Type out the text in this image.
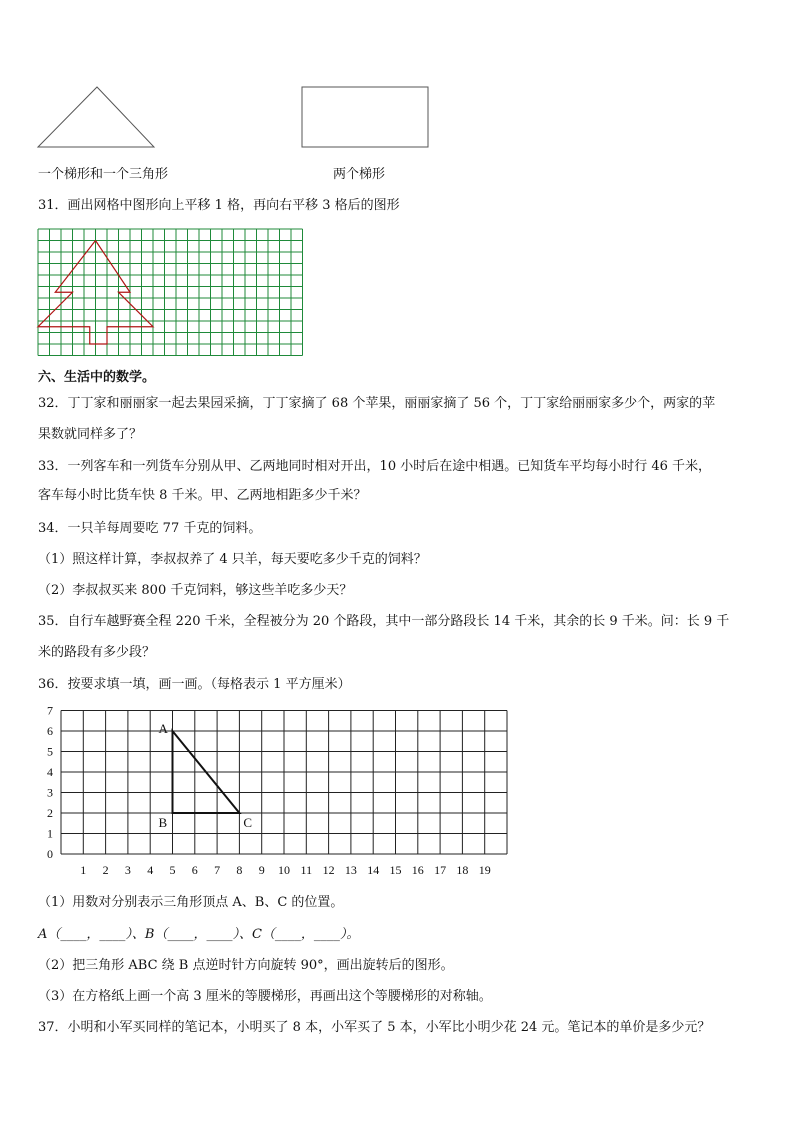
一个梯形和一个三角形	两个梯形
31．画出网格中图形向上平移 1 格，再向右平移 3 格后的图形
六、生活中的数学。
32．丁丁家和丽丽家一起去果园采摘，丁丁家摘了 68 个苹果，丽丽家摘了 56 个，丁丁家给丽丽家多少个，两家的苹
果数就同样多了？
33．一列客车和一列货车分别从甲、乙两地同时相对开出，10 小时后在途中相遇。已知货车平均每小时行 46 千米，
客车每小时比货车快 8 千米。甲、乙两地相距多少千米？
34．一只羊每周要吃 77 千克的饲料。
（1）照这样计算，李叔叔养了 4 只羊，每天要吃多少千克的饲料？
（2）李叔叔买来 800 千克饲料，够这些羊吃多少天？
35．自行车越野赛全程 220 千米，全程被分为 20 个路段，其中一部分路段长 14 千米，其余的长 9 千米。问：长 9 千
米的路段有多少段？
36．按要求填一填，画一画。（每格表示 1 平方厘米）
0
1
2
3
4
5
6
7
1 2 3 4 5 6 7 8 9 10 11 12 13 14 15 16 17 18 19
A
B	C
（1）用数对分别表示三角形顶点 A、B、C 的位置。
A（____，____）、B（____，____）、C（____，____）。
（2）把三角形 ABC 绕 B 点逆时针方向旋转 90°，画出旋转后的图形。
（3）在方格纸上画一个高 3 厘米的等腰梯形，再画出这个等腰梯形的对称轴。
37．小明和小军买同样的笔记本，小明买了 8 本，小军买了 5 本，小军比小明少花 24 元。笔记本的单价是多少元？
